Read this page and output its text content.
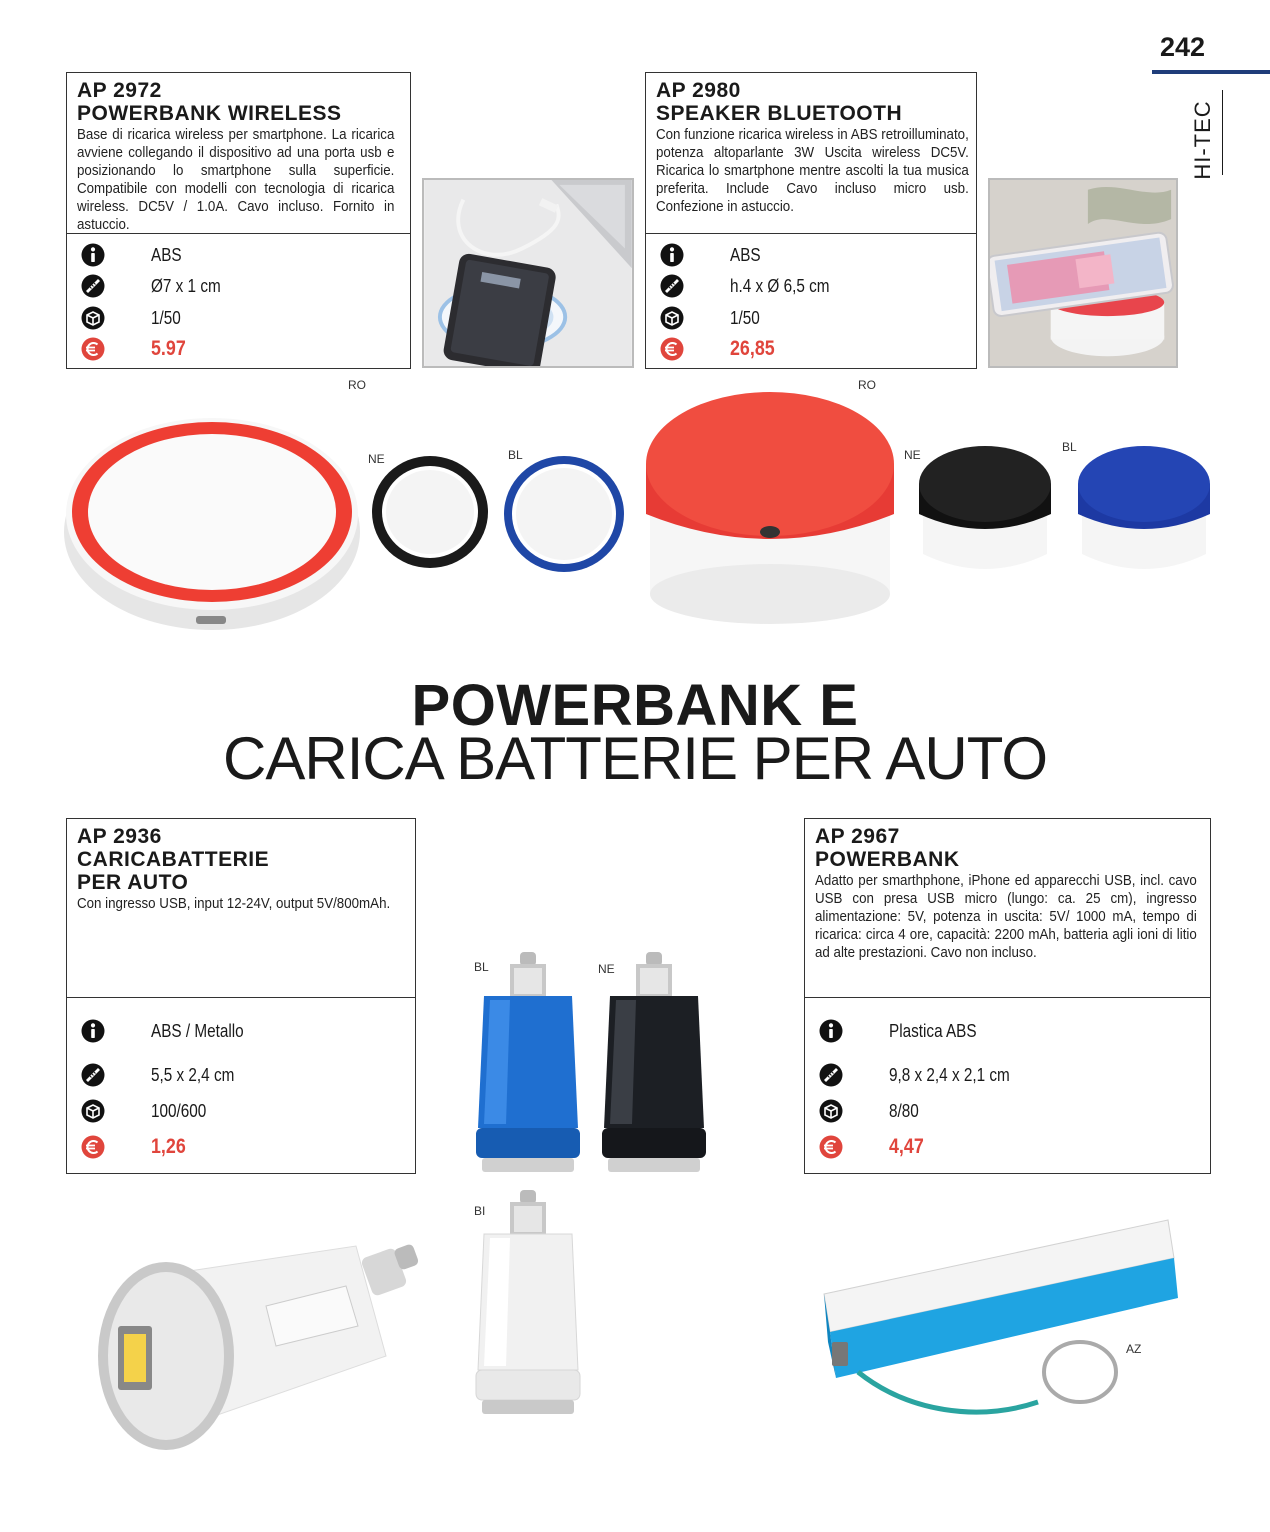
242
HI-TEC
AP 2972
POWERBANK WIRELESS
Base di ricarica wireless per smartphone. La ricarica avviene collegando il dispositivo ad una porta usb e posizionando lo smartphone sulla superficie. Compatibile con modelli con tecnologia di ricarica wireless. DC5V / 1.0A. Cavo incluso. Fornito in astuccio.
ABS
Ø7 x 1 cm
1/50
5.97
AP 2980
SPEAKER BLUETOOTH
Con funzione ricarica wireless in ABS retroilluminato, potenza altoparlante 3W Uscita wireless DC5V. Ricarica lo smartphone mentre ascolti la tua musica preferita. Include Cavo incluso micro usb. Confezione in astuccio.
ABS
h.4 x Ø 6,5 cm
1/50
26,85
RO
NE	BL
RO
NE
BL
POWERBANK E
CARICA BATTERIE PER AUTO
AP 2936
CARICABATTERIE
PER AUTO
Con ingresso USB, input 12-24V, output 5V/800mAh.
ABS / Metallo
5,5 x 2,4 cm
100/600
1,26
AP 2967
POWERBANK
Adatto per smarthphone, iPhone ed apparecchi USB, incl. cavo USB con presa USB micro (lungo: ca. 25 cm), ingresso alimentazione: 5V, potenza in uscita: 5V/ 1000 mA, tempo di ricarica: circa 4 ore, capacità: 2200 mAh, batteria agli ioni di litio ad alte prestazioni. Cavo non incluso.
Plastica ABS
9,8 x 2,4 x 2,1 cm
8/80
4,47
BL	NE
BI
AZ
